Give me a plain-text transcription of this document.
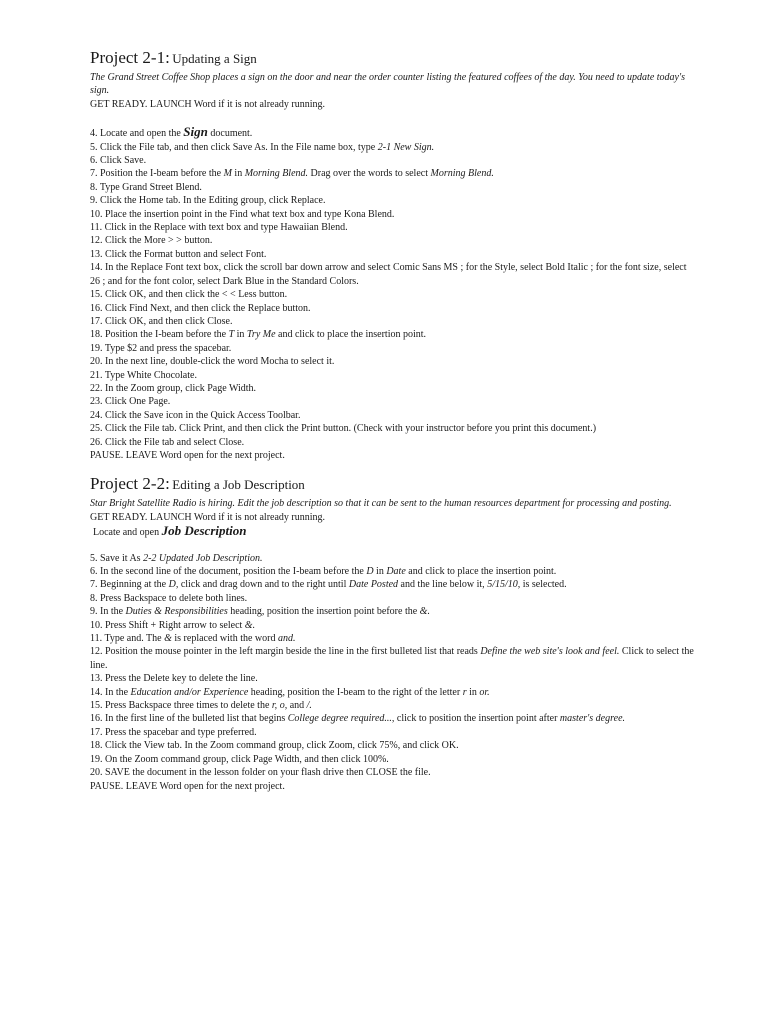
Project 2-1: Updating a Sign

The Grand Street Coffee Shop places a sign on the door and near the order counter listing the featured coffees of the day. You need to update today's sign.

GET READY. LAUNCH Word if it is not already running.

4. Locate and open the Sign document.

5. Click the File tab, and then click Save As. In the File name box, type 2-1 New Sign.

6. Click Save.

7. Position the I-beam before the M in Morning Blend. Drag over the words to select Morning Blend.

8. Type Grand Street Blend.

9. Click the Home tab. In the Editing group, click Replace.

10. Place the insertion point in the Find what text box and type Kona Blend.

11. Click in the Replace with text box and type Hawaiian Blend.

12. Click the More > > button.

13. Click the Format button and select Font.

14. In the Replace Font text box, click the scroll bar down arrow and select Comic Sans MS ; for the Style, select Bold Italic ; for the font size, select 26 ; and for the font color, select Dark Blue in the Standard Colors.

15. Click OK, and then click the < < Less button.

16. Click Find Next, and then click the Replace button.

17. Click OK, and then click Close.

18. Position the I-beam before the T in Try Me and click to place the insertion point.

19. Type $2 and press the spacebar.

20. In the next line, double-click the word Mocha to select it.

21. Type White Chocolate.

22. In the Zoom group, click Page Width.

23. Click One Page.

24. Click the Save icon in the Quick Access Toolbar.

25. Click the File tab. Click Print, and then click the Print button. (Check with your instructor before you print this document.)

26. Click the File tab and select Close.

PAUSE. LEAVE Word open for the next project.

Project 2-2: Editing a Job Description

Star Bright Satellite Radio is hiring. Edit the job description so that it can be sent to the human resources department for processing and posting.

GET READY. LAUNCH Word if it is not already running.

Locate and open Job Description

5. Save it As 2-2 Updated Job Description.

6. In the second line of the document, position the I-beam before the D in Date and click to place the insertion point.

7. Beginning at the D, click and drag down and to the right until Date Posted and the line below it, 5/15/10, is selected.

8. Press Backspace to delete both lines.

9. In the Duties & Responsibilities heading, position the insertion point before the &.

10. Press Shift + Right arrow to select &.

11. Type and. The & is replaced with the word and.

12. Position the mouse pointer in the left margin beside the line in the first bulleted list that reads Define the web site's look and feel. Click to select the line.

13. Press the Delete key to delete the line.

14. In the Education and/or Experience heading, position the I-beam to the right of the letter r in or.

15. Press Backspace three times to delete the r, o, and /.

16. In the first line of the bulleted list that begins College degree required..., click to position the insertion point after master's degree.

17. Press the spacebar and type preferred.

18. Click the View tab. In the Zoom command group, click Zoom, click 75%, and click OK.

19. On the Zoom command group, click Page Width, and then click 100%.

20. SAVE the document in the lesson folder on your flash drive then CLOSE the file.

PAUSE. LEAVE Word open for the next project.
